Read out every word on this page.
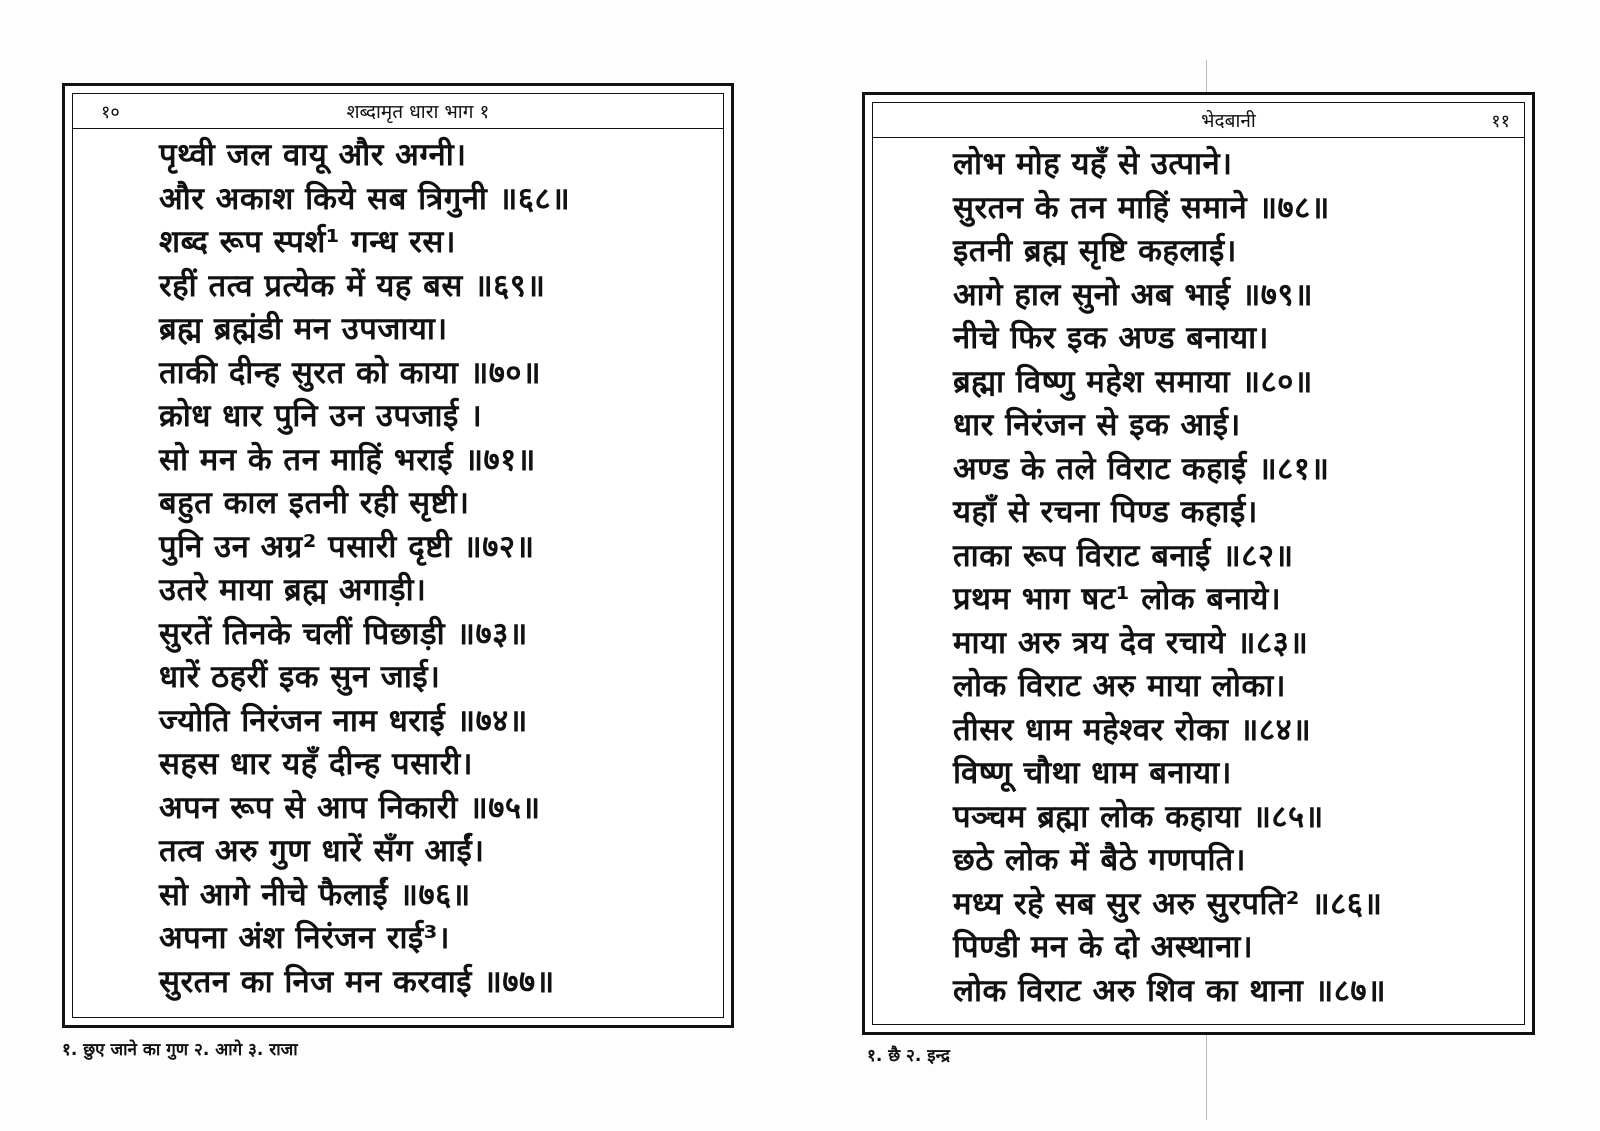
१०	शब्दामृत धारा भाग १
पृथ्वी जल वायू और अग्नी।
और अकाश किये सब त्रिगुनी ॥६८॥
शब्द रूप स्पर्श¹ गन्ध रस।
रहीं तत्व प्रत्येक में यह बस ॥६९॥
ब्रह्म ब्रह्मंडी मन उपजाया।
ताकी दीन्ह सुरत को काया ॥७०॥
क्रोध धार पुनि उन उपजाई ।
सो मन के तन माहिं भराई ॥७१॥
बहुत काल इतनी रही सृष्टी।
पुनि उन अग्र² पसारी दृष्टी ॥७२॥
उतरे माया ब्रह्म अगाड़ी।
सुरतें तिनके चलीं पिछाड़ी ॥७३॥
धारें ठहरीं इक सुन जाई।
ज्योति निरंजन नाम धराई ॥७४॥
सहस धार यहँ दीन्ह पसारी।
अपन रूप से आप निकारी ॥७५॥
तत्व अरु गुण धारें सँग आईं।
सो आगे नीचे फैलाईं ॥७६॥
अपना अंश निरंजन राई³।
सुरतन का निज मन करवाई ॥७७॥
१. छुए जाने का गुण २. आगे ३. राजा
भेदबानी	११
लोभ मोह यहँ से उत्पाने।
सुरतन के तन माहिं समाने ॥७८॥
इतनी ब्रह्म सृष्टि कहलाई।
आगे हाल सुनो अब भाई ॥७९॥
नीचे फिर इक अण्ड बनाया।
ब्रह्मा विष्णु महेश समाया ॥८०॥
धार निरंजन से इक आई।
अण्ड के तले विराट कहाई ॥८१॥
यहाँ से रचना पिण्ड कहाई।
ताका रूप विराट बनाई ॥८२॥
प्रथम भाग षट¹ लोक बनाये।
माया अरु त्रय देव रचाये ॥८३॥
लोक विराट अरु माया लोका।
तीसर धाम महेश्वर रोका ॥८४॥
विष्णू चौथा धाम बनाया।
पञ्चम ब्रह्मा लोक कहाया ॥८५॥
छठे लोक में बैठे गणपति।
मध्य रहे सब सुर अरु सुरपति² ॥८६॥
पिण्डी मन के दो अस्थाना।
लोक विराट अरु शिव का थाना ॥८७॥
१. छै २. इन्द्र
